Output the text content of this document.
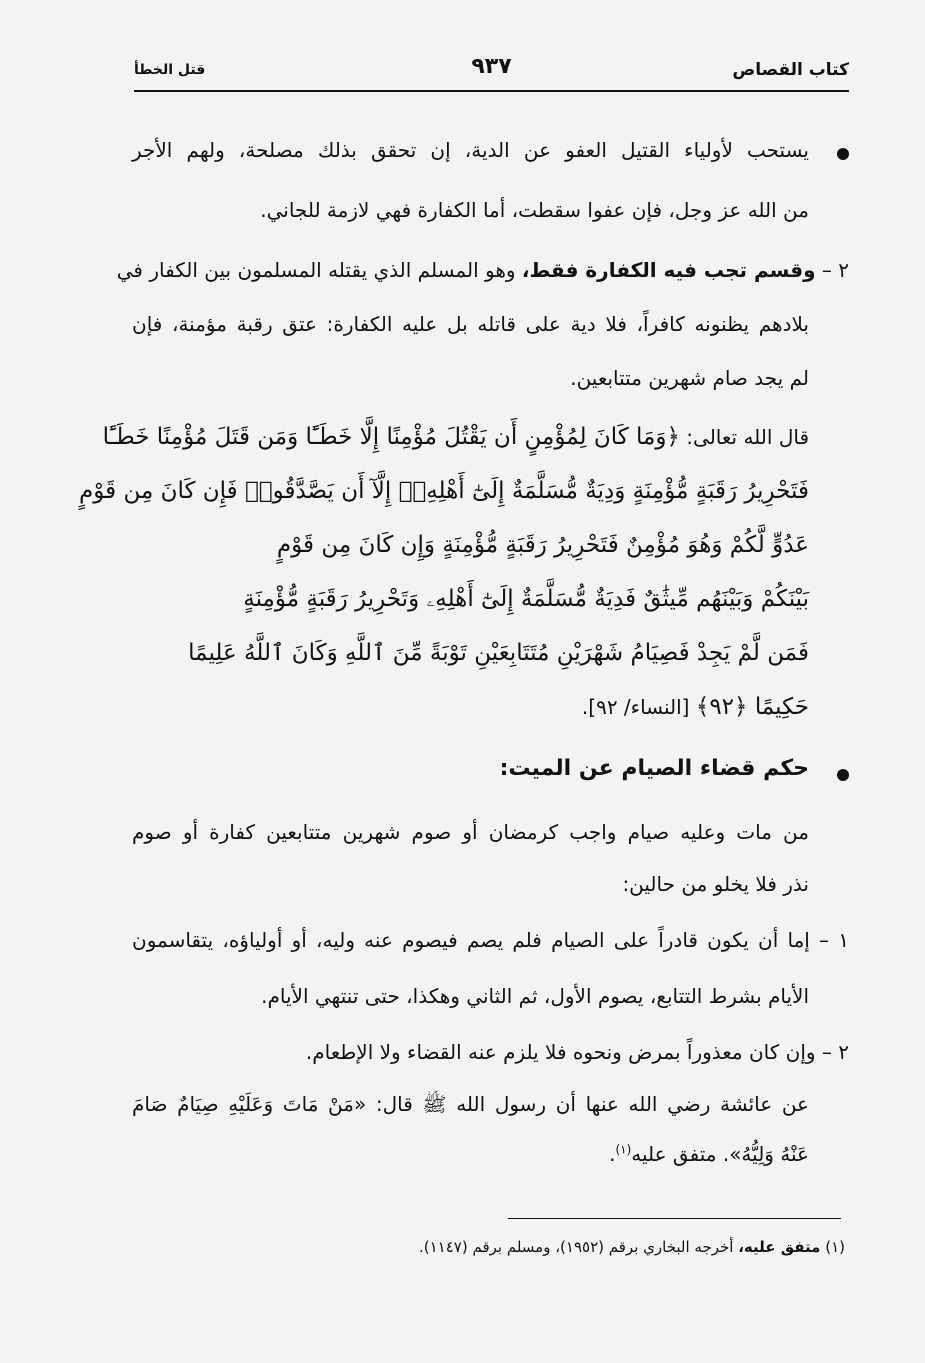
كتاب القصاص
٩٣٧
قتل الخطأ
يستحب لأولياء القتيل العفو عن الدية، إن تحقق بذلك مصلحة، ولهم الأجر
من الله عز وجل، فإن عفوا سقطت، أما الكفارة فهي لازمة للجاني.
٢ – وقسم تجب فيه الكفارة فقط، وهو المسلم الذي يقتله المسلمون بين الكفار في
بلادهم يظنونه كافراً، فلا دية على قاتله بل عليه الكفارة: عتق رقبة مؤمنة، فإن
لم يجد صام شهرين متتابعين.
قال الله تعالى: ﴿وَمَا كَانَ لِمُؤْمِنٍ أَن يَقْتُلَ مُؤْمِنًا إِلَّا خَطَـًٔا وَمَن قَتَلَ مُؤْمِنًا خَطَـًٔا
فَتَحْرِيرُ رَقَبَةٍ مُّؤْمِنَةٍ وَدِيَةٌ مُّسَلَّمَةٌ إِلَىٰٓ أَهْلِهِۦٓ إِلَّآ أَن يَصَّدَّقُوا۟ فَإِن كَانَ مِن قَوْمٍ
عَدُوٍّ لَّكُمْ وَهُوَ مُؤْمِنٌ فَتَحْرِيرُ رَقَبَةٍ مُّؤْمِنَةٍ وَإِن كَانَ مِن قَوْمٍ
بَيْنَكُمْ وَبَيْنَهُم مِّيثَٰقٌ فَدِيَةٌ مُّسَلَّمَةٌ إِلَىٰٓ أَهْلِهِۦ وَتَحْرِيرُ رَقَبَةٍ مُّؤْمِنَةٍ
فَمَن لَّمْ يَجِدْ فَصِيَامُ شَهْرَيْنِ مُتَتَابِعَيْنِ تَوْبَةً مِّنَ ٱللَّهِ وَكَانَ ٱللَّهُ عَلِيمًا
حَكِيمًا ﴿٩٢﴾ [النساء/ ٩٢].
حكم قضاء الصيام عن الميت:
من مات وعليه صيام واجب كرمضان أو صوم شهرين متتابعين كفارة أو صوم
نذر فلا يخلو من حالين:
١ – إما أن يكون قادراً على الصيام فلم يصم فيصوم عنه وليه، أو أولياؤه، يتقاسمون
الأيام بشرط التتابع، يصوم الأول، ثم الثاني وهكذا، حتى تنتهي الأيام.
٢ – وإن كان معذوراً بمرض ونحوه فلا يلزم عنه القضاء ولا الإطعام.
عن عائشة رضي الله عنها أن رسول الله ﷺ قال: «مَنْ مَاتَ وَعَلَيْهِ صِيَامٌ صَامَ
عَنْهُ وَلِيُّهُ». متفق عليه$^{(١)}$.
(١) متفق عليه، أخرجه البخاري برقم (١٩٥٢)، ومسلم برقم (١١٤٧).
